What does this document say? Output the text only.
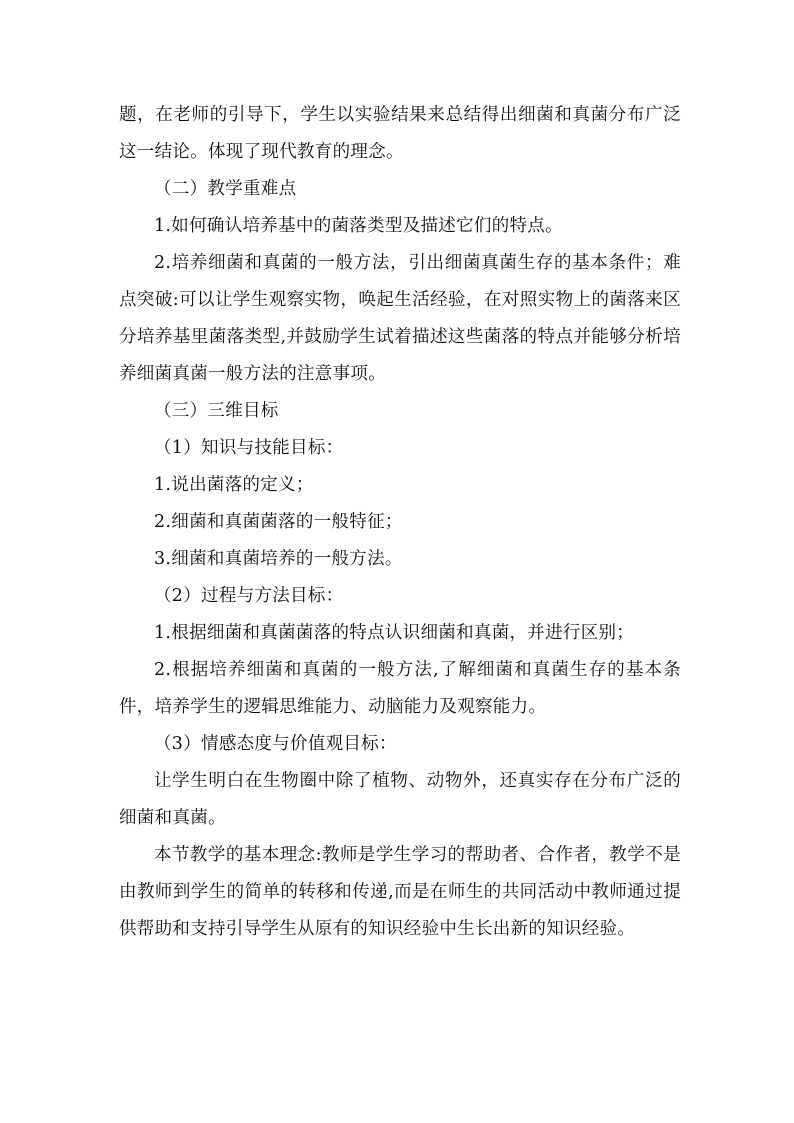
题，在老师的引导下，学生以实验结果来总结得出细菌和真菌分布广泛这一结论。体现了现代教育的理念。

（二）教学重难点

1.如何确认培养基中的菌落类型及描述它们的特点。

2.培养细菌和真菌的一般方法，引出细菌真菌生存的基本条件；难点突破:可以让学生观察实物，唤起生活经验，在对照实物上的菌落来区分培养基里菌落类型,并鼓励学生试着描述这些菌落的特点并能够分析培养细菌真菌一般方法的注意事项。

（三）三维目标

（1）知识与技能目标：

1.说出菌落的定义；

2.细菌和真菌菌落的一般特征；

3.细菌和真菌培养的一般方法。

（2）过程与方法目标：

1.根据细菌和真菌菌落的特点认识细菌和真菌，并进行区别；

2.根据培养细菌和真菌的一般方法,了解细菌和真菌生存的基本条件，培养学生的逻辑思维能力、动脑能力及观察能力。

（3）情感态度与价值观目标：

让学生明白在生物圈中除了植物、动物外，还真实存在分布广泛的细菌和真菌。

本节教学的基本理念:教师是学生学习的帮助者、合作者，教学不是由教师到学生的简单的转移和传递,而是在师生的共同活动中教师通过提供帮助和支持引导学生从原有的知识经验中生长出新的知识经验。
